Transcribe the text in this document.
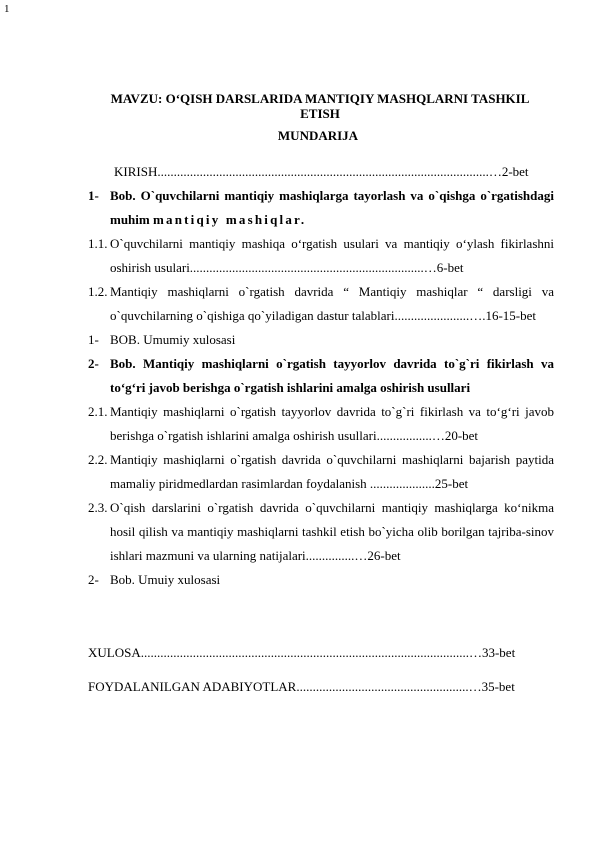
1
MAVZU: O‘QISH DARSLARIDA MANTIQIY MASHQLARNI TASHKIL ETISH
MUNDARIJA
KIRISH......................................................................................................…2-bet
1- Bob. O`quvchilarni mantiqiy mashiqlarga tayorlash va o`qishga o`rgatishdagi muhim mantiqiy mashiqlar.
1.1. O`quvchilarni mantiqiy mashiqa o‘rgatish usulari va mantiqiy o‘ylash fikirlashni oshirish usulari........................................................................…6-bet
1.2. Mantiqiy mashiqlarni o`rgatish davrida “ Mantiqiy mashiqlar “ darsligi va o`quvchilarning o`qishiga qo`yiladigan dastur talablari.......................….16-15-bet
1- BOB. Umumiy xulosasi
2- Bob. Mantiqiy mashiqlarni o`rgatish tayyorlov davrida to`g`ri fikirlash va to‘g‘ri javob berishga o`rgatish ishlarini amalga oshirish usullari
2.1. Mantiqiy mashiqlarni o`rgatish tayyorlov davrida to`g`ri fikirlash va to‘g‘ri javob berishga o`rgatish ishlarini amalga oshirish usullari.................…20-bet
2.2. Mantiqiy mashiqlarni o`rgatish davrida o`quvchilarni mashiqlarni bajarish paytida mamaliy piridmedlardan rasimlardan foydalanish ....................25-bet
2.3. O`qish darslarini o`rgatish davrida o`quvchilarni mantiqiy mashiqlarga ko‘nikma hosil qilish va mantiqiy mashiqlarni tashkil etish bo`yicha olib borilgan tajriba-sinov ishlari mazmuni va ularning natijalari...............…26-bet
2- Bob. Umuiy xulosasi
XULOSA.....................................................................................................…33-bet
FOYDALANILGAN ADABIYOTLAR.....................................................…35-bet
